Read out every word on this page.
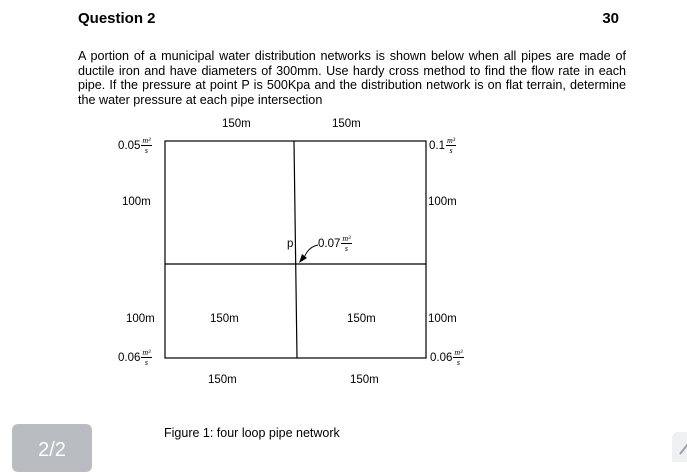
Question 2	30
A portion of a municipal water distribution networks is shown below when all pipes are made of ductile iron and have diameters of 300mm. Use hardy cross method to find the flow rate in each pipe. If the pressure at point P is 500Kpa and the distribution network is on flat terrain, determine the water pressure at each pipe intersection
150m	150m
100m	100m
100m	100m
150m	150m
150m	150m
p
$0.05 \frac{\text{m³}}{s}$	$0.1 \frac{\text{m³}}{s}$
$0.07 \frac{\text{m³}}{s}$
$0.06 \frac{\text{m³}}{s}$	$0.06 \frac{\text{m³}}{s}$
Figure 1: four loop pipe network
2/2
